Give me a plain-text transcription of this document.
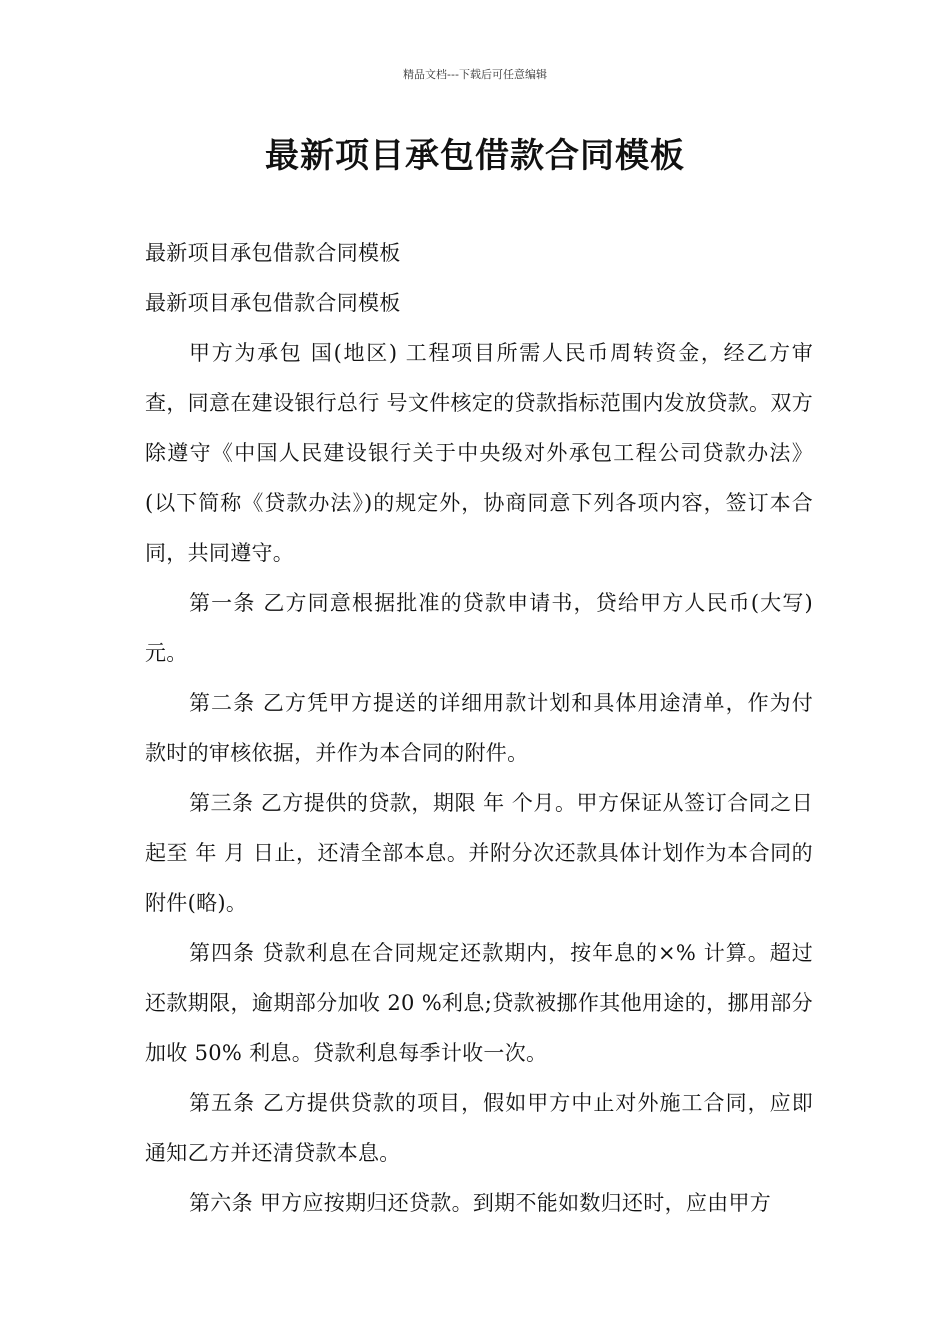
精品文档---下载后可任意编辑
最新项目承包借款合同模板

最新项目承包借款合同模板

最新项目承包借款合同模板

甲方为承包 国(地区) 工程项目所需人民币周转资金，经乙方审查，同意在建设银行总行 号文件核定的贷款指标范围内发放贷款。双方除遵守《中国人民建设银行关于中央级对外承包工程公司贷款办法》(以下简称《贷款办法》)的规定外，协商同意下列各项内容，签订本合同，共同遵守。

第一条 乙方同意根据批准的贷款申请书，贷给甲方人民币(大写) 元。

第二条 乙方凭甲方提送的详细用款计划和具体用途清单，作为付款时的审核依据，并作为本合同的附件。

第三条 乙方提供的贷款，期限 年 个月。甲方保证从签订合同之日起至 年 月 日止，还清全部本息。并附分次还款具体计划作为本合同的附件(略)。

第四条 贷款利息在合同规定还款期内，按年息的×% 计算。超过还款期限，逾期部分加收 20 %利息;贷款被挪作其他用途的，挪用部分加收 50% 利息。贷款利息每季计收一次。

第五条 乙方提供贷款的项目，假如甲方中止对外施工合同，应即通知乙方并还清贷款本息。

第六条 甲方应按期归还贷款。到期不能如数归还时，应由甲方
